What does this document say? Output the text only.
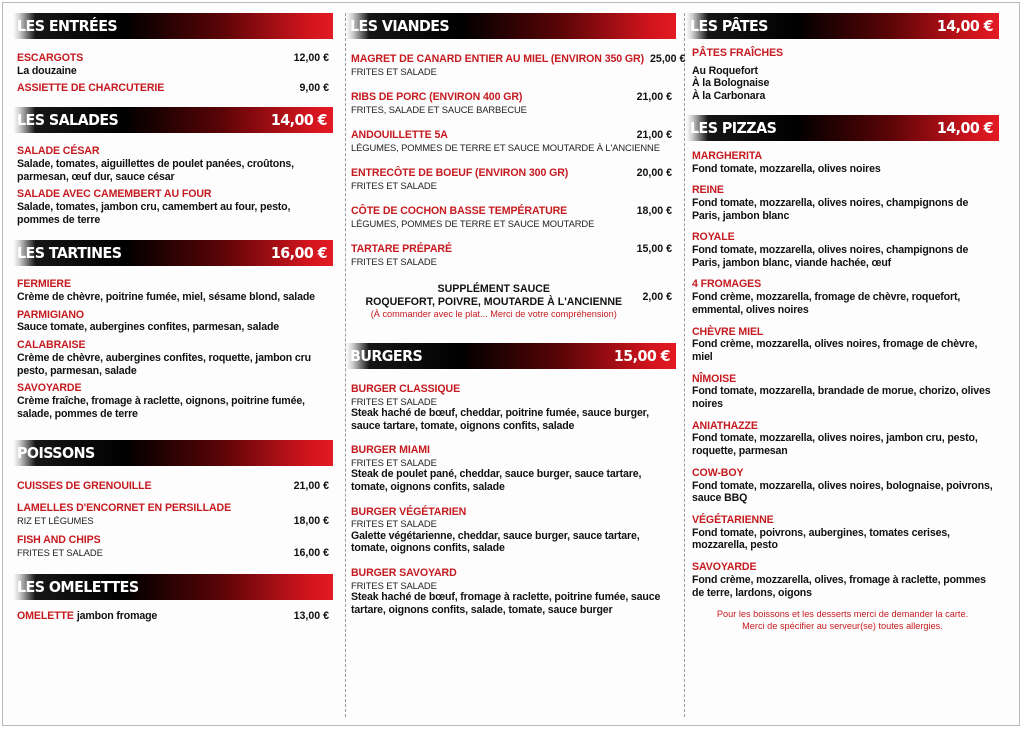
LES ENTRÉES
ESCARGOTS	12,00 €
La douzaine
ASSIETTE DE CHARCUTERIE	9,00 €
LES SALADES	14,00 €
SALADE CÉSAR
Salade, tomates, aiguillettes de poulet panées, croûtons, parmesan, œuf dur, sauce césar
SALADE AVEC CAMEMBERT AU FOUR
Salade, tomates, jambon cru, camembert au four, pesto, pommes de terre
LES TARTINES	16,00 €
FERMIERE
Crème de chèvre, poitrine fumée, miel, sésame blond, salade
PARMIGIANO
Sauce tomate, aubergines confites, parmesan, salade
CALABRAISE
Crème de chèvre, aubergines confites, roquette, jambon cru pesto, parmesan, salade
SAVOYARDE
Crème fraîche, fromage à raclette, oignons, poitrine fumée, salade, pommes de terre
POISSONS
CUISSES DE GRENOUILLE	21,00 €
LAMELLES D'ENCORNET EN PERSILLADE
RIZ ET LÉGUMES	18,00 €
FISH AND CHIPS
FRITES ET SALADE	16,00 €
LES OMELETTES
OMELETTE jambon fromage	13,00 €
LES VIANDES
MAGRET DE CANARD ENTIER AU MIEL (ENVIRON 350 GR) 25,00 €
FRITES ET SALADE
RIBS DE PORC (ENVIRON 400 GR)	21,00 €
FRITES, SALADE ET SAUCE BARBECUE
ANDOUILLETTE 5A	21,00 €
LÉGUMES, POMMES DE TERRE ET SAUCE MOUTARDE À L'ANCIENNE
ENTRECÔTE DE BOEUF (ENVIRON 300 GR)	20,00 €
FRITES ET SALADE
CÔTE DE COCHON BASSE TEMPÉRATURE	18,00 €
LÉGUMES, POMMES DE TERRE ET SAUCE MOUTARDE
TARTARE PRÉPARÉ	15,00 €
FRITES ET SALADE
SUPPLÉMENT SAUCE
ROQUEFORT, POIVRE, MOUTARDE À L'ANCIENNE
(À commander avec le plat... Merci de votre compréhension)
2,00 €
BURGERS	15,00 €
BURGER CLASSIQUE
FRITES ET SALADE
Steak haché de bœuf, cheddar, poitrine fumée, sauce burger, sauce tartare, tomate, oignons confits, salade
BURGER MIAMI
FRITES ET SALADE
Steak de poulet pané, cheddar, sauce burger, sauce tartare, tomate, oignons confits, salade
BURGER VÉGÉTARIEN
FRITES ET SALADE
Galette végétarienne, cheddar, sauce burger, sauce tartare, tomate, oignons confits, salade
BURGER SAVOYARD
FRITES ET SALADE
Steak haché de bœuf, fromage à raclette, poitrine fumée, sauce tartare, oignons confits, salade, tomate, sauce burger
LES PÂTES	14,00 €
PÂTES FRAÎCHES
Au Roquefort
À la Bolognaise
À la Carbonara
LES PIZZAS	14,00 €
MARGHERITA
Fond tomate, mozzarella, olives noires
REINE
Fond tomate, mozzarella, olives noires, champignons de Paris, jambon blanc
ROYALE
Fond tomate, mozzarella, olives noires, champignons de Paris, jambon blanc, viande hachée, œuf
4 FROMAGES
Fond crème, mozzarella, fromage de chèvre, roquefort, emmental, olives noires
CHÈVRE MIEL
Fond crème, mozzarella, olives noires, fromage de chèvre, miel
NÎMOISE
Fond tomate, mozzarella, brandade de morue, chorizo, olives noires
ANIATHAZZE
Fond tomate, mozzarella, olives noires, jambon cru, pesto, roquette, parmesan
COW-BOY
Fond tomate, mozzarella, olives noires, bolognaise, poivrons, sauce BBQ
VÉGÉTARIENNE
Fond tomate, poivrons, aubergines, tomates cerises, mozzarella, pesto
SAVOYARDE
Fond crème, mozzarella, olives, fromage à raclette, pommes de terre, lardons, oigons
Pour les boissons et les desserts merci de demander la carte.
Merci de spécifier au serveur(se) toutes allergies.
